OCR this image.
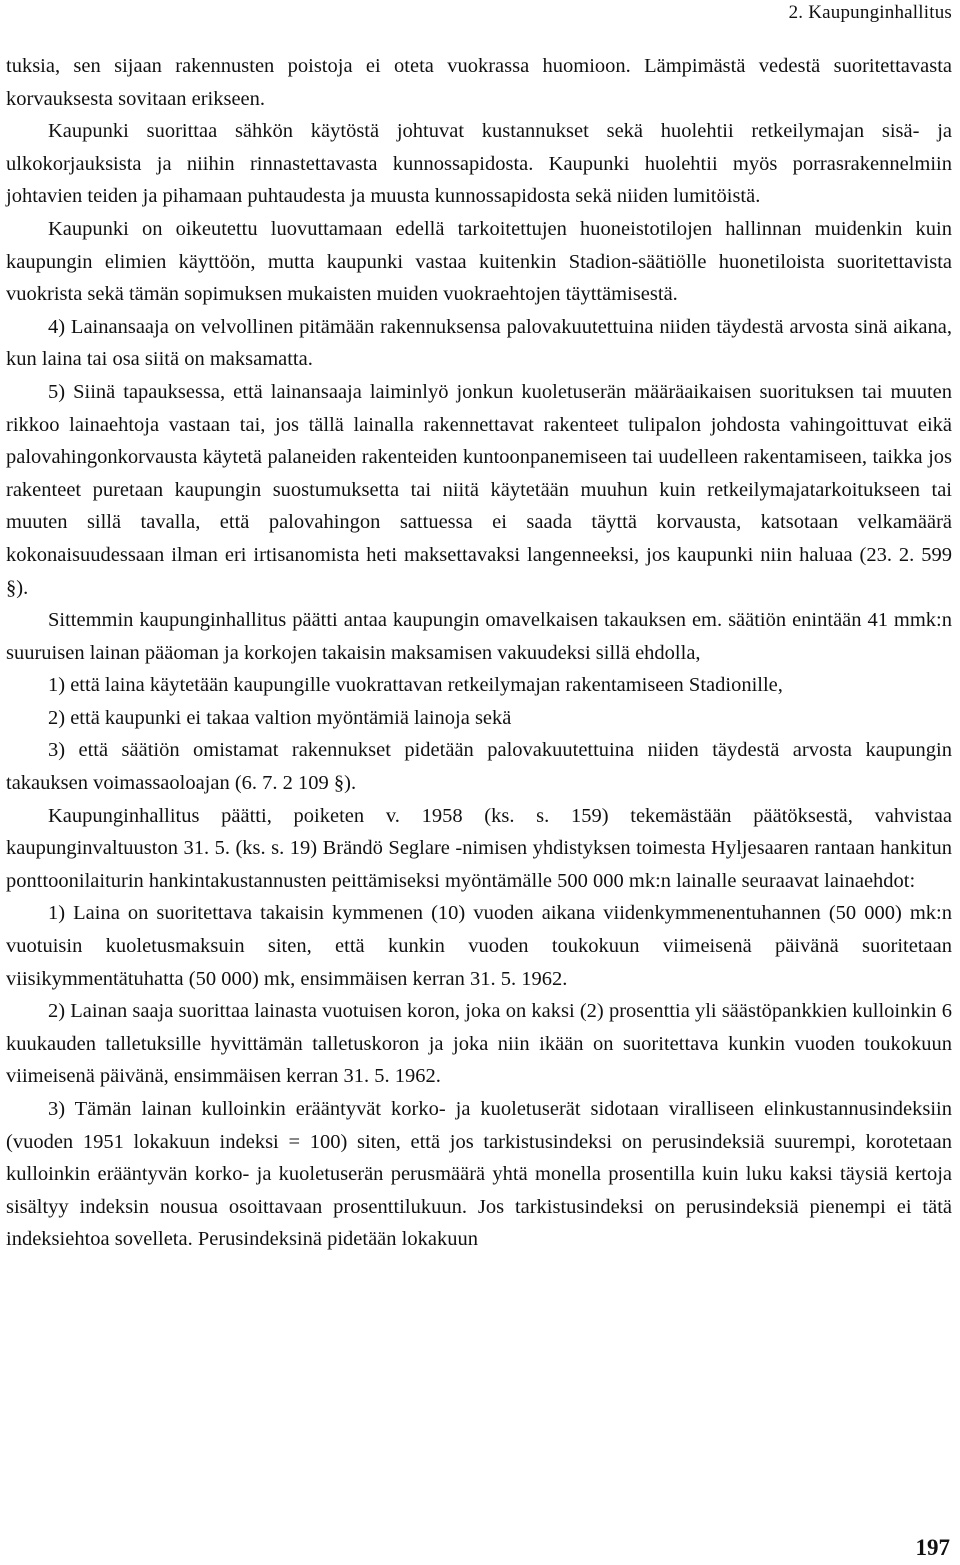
2. Kaupunginhallitus

tuksia, sen sijaan rakennusten poistoja ei oteta vuokrassa huomioon. Lämpimästä vedestä suoritettavasta korvauksesta sovitaan erikseen.

Kaupunki suorittaa sähkön käytöstä johtuvat kustannukset sekä huolehtii retkeilymajan sisä- ja ulkokorjauksista ja niihin rinnastettavasta kunnossapidosta. Kaupunki huolehtii myös porrasrakennelmiin johtavien teiden ja pihamaan puhtaudesta ja muusta kunnossapidosta sekä niiden lumitöistä.

Kaupunki on oikeutettu luovuttamaan edellä tarkoitettujen huoneistotilojen hallinnan muidenkin kuin kaupungin elimien käyttöön, mutta kaupunki vastaa kuitenkin Stadion-säätiölle huonetiloista suoritettavista vuokrista sekä tämän sopimuksen mukaisten muiden vuokraehtojen täyttämisestä.

4) Lainansaaja on velvollinen pitämään rakennuksensa palovakuutettuina niiden täydestä arvosta sinä aikana, kun laina tai osa siitä on maksamatta.

5) Siinä tapauksessa, että lainansaaja laiminlyö jonkun kuoletuserän määräaikaisen suorituksen tai muuten rikkoo lainaehtoja vastaan tai, jos tällä lainalla rakennettavat rakenteet tulipalon johdosta vahingoittuvat eikä palovahingonkorvausta käytetä palaneiden rakenteiden kuntoonpanemiseen tai uudelleen rakentamiseen, taikka jos rakenteet puretaan kaupungin suostumuksetta tai niitä käytetään muuhun kuin retkeilymajatarkoitukseen tai muuten sillä tavalla, että palovahingon sattuessa ei saada täyttä korvausta, katsotaan velkamäärä kokonaisuudessaan ilman eri irtisanomista heti maksettavaksi langenneeksi, jos kaupunki niin haluaa (23. 2. 599 §).

Sittemmin kaupunginhallitus päätti antaa kaupungin omavelkaisen takauksen em. säätiön enintään 41 mmk:n suuruisen lainan pääoman ja korkojen takaisin maksamisen vakuudeksi sillä ehdolla,

1) että laina käytetään kaupungille vuokrattavan retkeilymajan rakentamiseen Stadionille,

2) että kaupunki ei takaa valtion myöntämiä lainoja sekä

3) että säätiön omistamat rakennukset pidetään palovakuutettuina niiden täydestä arvosta kaupungin takauksen voimassaoloajan (6. 7. 2 109 §).

Kaupunginhallitus päätti, poiketen v. 1958 (ks. s. 159) tekemästään päätöksestä, vahvistaa kaupunginvaltuuston 31. 5. (ks. s. 19) Brändö Seglare -nimisen yhdistyksen toimesta Hyljesaaren rantaan hankitun ponttoonilaiturin hankintakustannusten peittämiseksi myöntämälle 500 000 mk:n lainalle seuraavat lainaehdot:

1) Laina on suoritettava takaisin kymmenen (10) vuoden aikana viidenkymmenentuhannen (50 000) mk:n vuotuisin kuoletusmaksuin siten, että kunkin vuoden toukokuun viimeisenä päivänä suoritetaan viisikymmentätuhatta (50 000) mk, ensimmäisen kerran 31. 5. 1962.

2) Lainan saaja suorittaa lainasta vuotuisen koron, joka on kaksi (2) prosenttia yli säästöpankkien kulloinkin 6 kuukauden talletuksille hyvittämän talletuskoron ja joka niin ikään on suoritettava kunkin vuoden toukokuun viimeisenä päivänä, ensimmäisen kerran 31. 5. 1962.

3) Tämän lainan kulloinkin erääntyvät korko- ja kuoletuserät sidotaan viralliseen elinkustannusindeksiin (vuoden 1951 lokakuun indeksi = 100) siten, että jos tarkistusindeksi on perusindeksiä suurempi, korotetaan kulloinkin erääntyvän korko- ja kuoletuserän perusmäärä yhtä monella prosentilla kuin luku kaksi täysiä kertoja sisältyy indeksin nousua osoittavaan prosenttilukuun. Jos tarkistusindeksi on perusindeksiä pienempi ei tätä indeksiehtoa sovelleta. Perusindeksinä pidetään lokakuun

197
